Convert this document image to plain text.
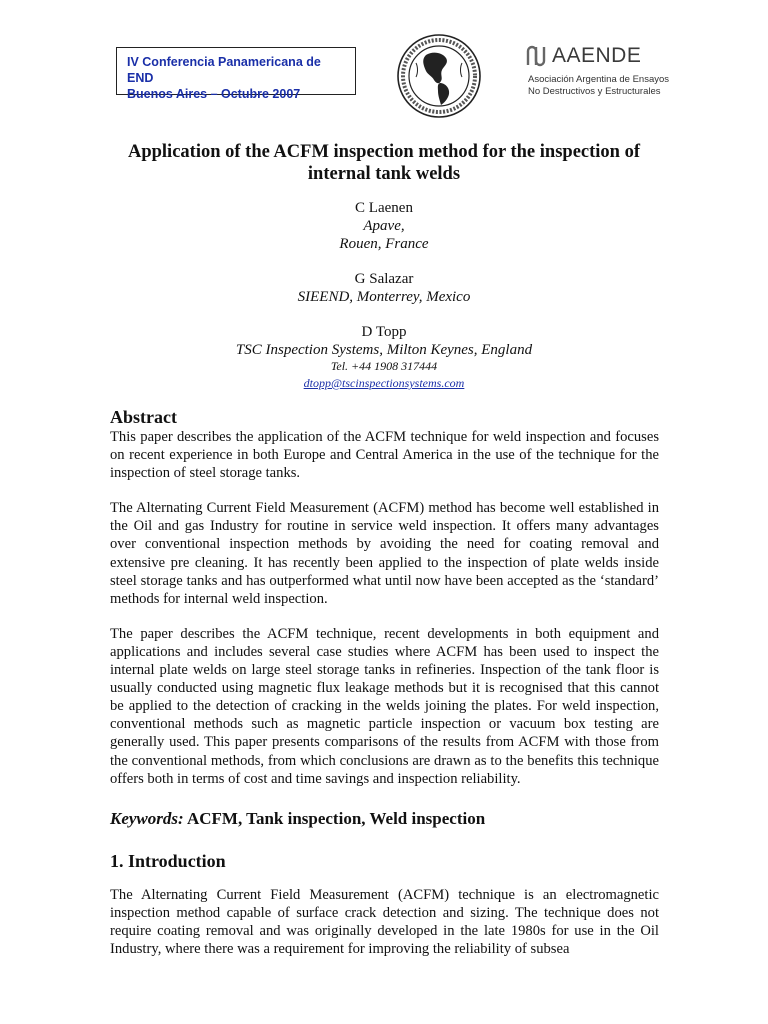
IV Conferencia Panamericana de END
Buenos Aires – Octubre 2007
AAENDE
Asociación Argentina de Ensayos
No Destructivos y Estructurales
Application of the ACFM inspection method for the inspection of
internal tank welds
C Laenen
Apave,
Rouen, France
G Salazar
SIEEND, Monterrey, Mexico
D Topp
TSC Inspection Systems, Milton Keynes, England
Tel. +44 1908 317444
dtopp@tscinspectionsystems.com
Abstract

This paper describes the application of the ACFM technique for weld inspection and focuses on recent experience in both Europe and Central America in the use of the technique for the inspection of steel storage tanks.

The Alternating Current Field Measurement (ACFM) method has become well established in the Oil and gas Industry for routine in service weld inspection. It offers many advantages over conventional inspection methods by avoiding the need for coating removal and extensive pre cleaning. It has recently been applied to the inspection of plate welds inside steel storage tanks and has outperformed what until now have been accepted as the ‘standard’ methods for internal weld inspection.

The paper describes the ACFM technique, recent developments in both equipment and applications and includes several case studies where ACFM has been used to inspect the internal plate welds on large steel storage tanks in refineries. Inspection of the tank floor is usually conducted using magnetic flux leakage methods but it is recognised that this cannot be applied to the detection of cracking in the welds joining the plates. For weld inspection, conventional methods such as magnetic particle inspection or vacuum box testing are generally used. This paper presents comparisons of the results from ACFM with those from the conventional methods, from which conclusions are drawn as to the benefits this technique offers both in terms of cost and time savings and inspection reliability.

Keywords: ACFM, Tank inspection, Weld inspection
1. Introduction

The Alternating Current Field Measurement (ACFM) technique is an electromagnetic inspection method capable of surface crack detection and sizing. The technique does not require coating removal and was originally developed in the late 1980s for use in the Oil Industry, where there was a requirement for improving the reliability of subsea
